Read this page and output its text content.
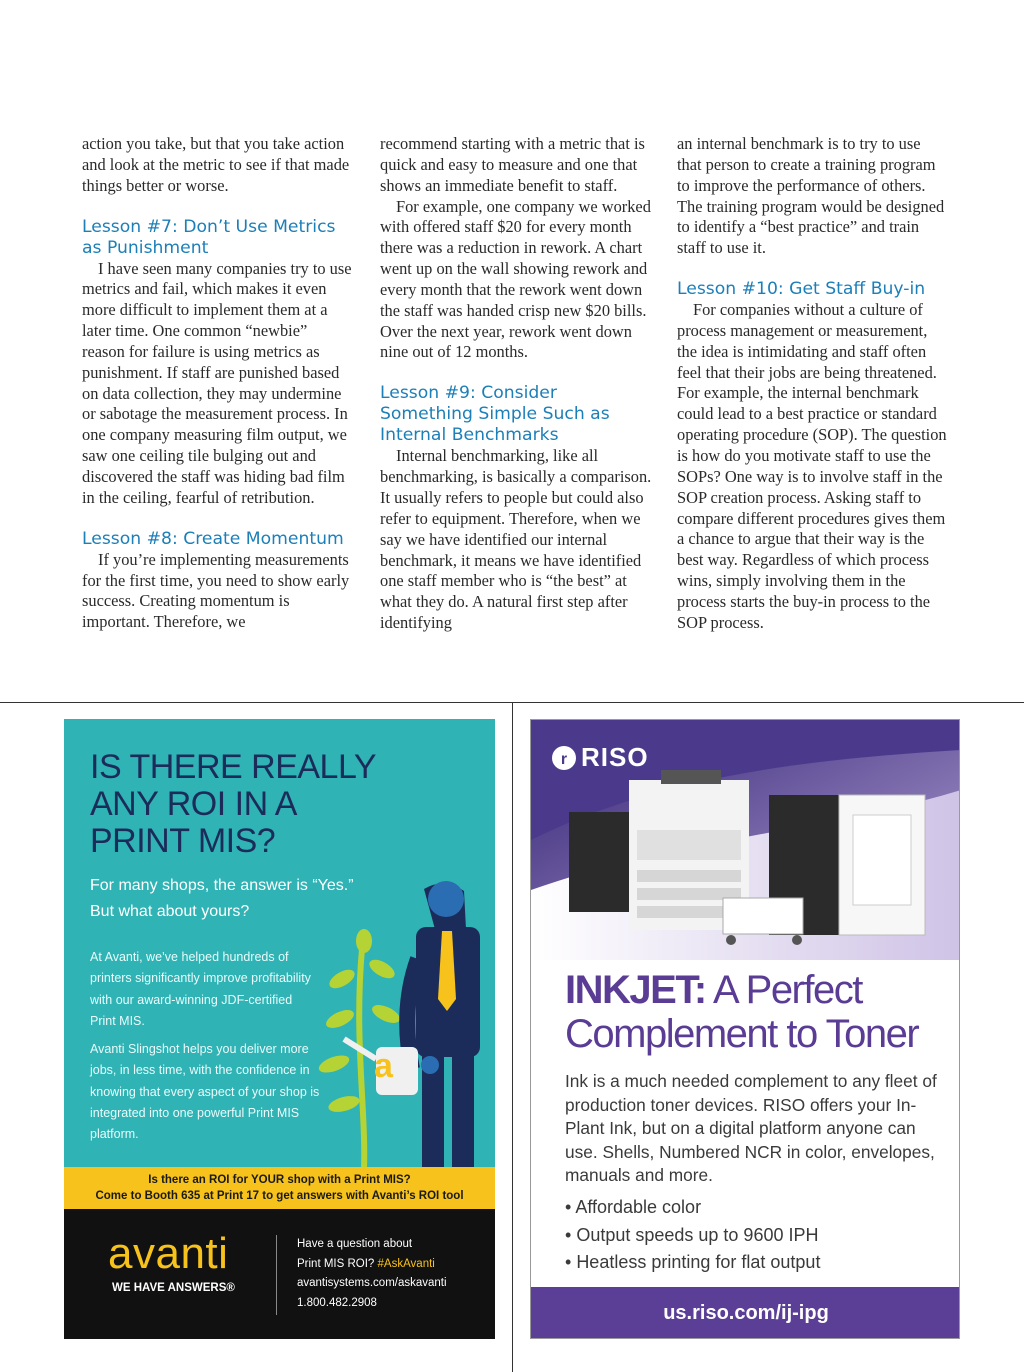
action you take, but that you take action and look at the metric to see if that made things better or worse.

Lesson #7: Don’t Use Metrics as Punishment

I have seen many companies try to use metrics and fail, which makes it even more difficult to implement them at a later time. One common “newbie” reason for failure is using metrics as punishment. If staff are punished based on data collection, they may undermine or sabotage the measurement process. In one company measuring film output, we saw one ceiling tile bulging out and discovered the staff was hiding bad film in the ceiling, fearful of retribution.

Lesson #8: Create Momentum

If you’re implementing measurements for the first time, you need to show early success. Creating momentum is important. Therefore, we

recommend starting with a metric that is quick and easy to measure and one that shows an immediate benefit to staff.

For example, one company we worked with offered staff $20 for every month there was a reduction in rework. A chart went up on the wall showing rework and every month that the rework went down the staff was handed crisp new $20 bills. Over the next year, rework went down nine out of 12 months.

Lesson #9: Consider Something Simple Such as Internal Benchmarks

Internal benchmarking, like all benchmarking, is basically a comparison. It usually refers to people but could also refer to equipment. Therefore, when we say we have identified our internal benchmark, it means we have identified one staff member who is “the best” at what they do. A natural first step after identifying

an internal benchmark is to try to use that person to create a training program to improve the performance of others. The training program would be designed to identify a “best practice” and train staff to use it.

Lesson #10: Get Staff Buy-in

For companies without a culture of process management or measurement, the idea is intimidating and staff often feel that their jobs are being threatened. For example, the internal benchmark could lead to a best practice or standard operating procedure (SOP). The question is how do you motivate staff to use the SOPs? One way is to involve staff in the SOP creation process. Asking staff to compare different procedures gives them a chance to argue that their way is the best way. Regardless of which process wins, simply involving them in the process starts the buy-in process to the SOP process.

IS THERE REALLY ANY ROI IN A PRINT MIS?
For many shops, the answer is “Yes.”
But what about yours?
At Avanti, we’ve helped hundreds of printers significantly improve profitability with our award-winning JDF-certified Print MIS.
Avanti Slingshot helps you deliver more jobs, in less time, with the confidence in knowing that every aspect of your shop is integrated into one powerful Print MIS platform.
a
Is there an ROI for YOUR shop with a Print MIS?
Come to Booth 635 at Print 17 to get answers with Avanti’s ROI tool
avanti
WE HAVE ANSWERS®
Have a question about
Print MIS ROI? #AskAvanti
avantisystems.com/askavanti
1.800.482.2908
r RISO
INKJET: A Perfect Complement to Toner
Ink is a much needed complement to any fleet of production toner devices. RISO offers your In-Plant Ink, but on a digital platform anyone can use. Shells, Numbered NCR in color, envelopes, manuals and more.
• Affordable color
• Output speeds up to 9600 IPH
• Heatless printing for flat output
us.riso.com/ij-ipg
